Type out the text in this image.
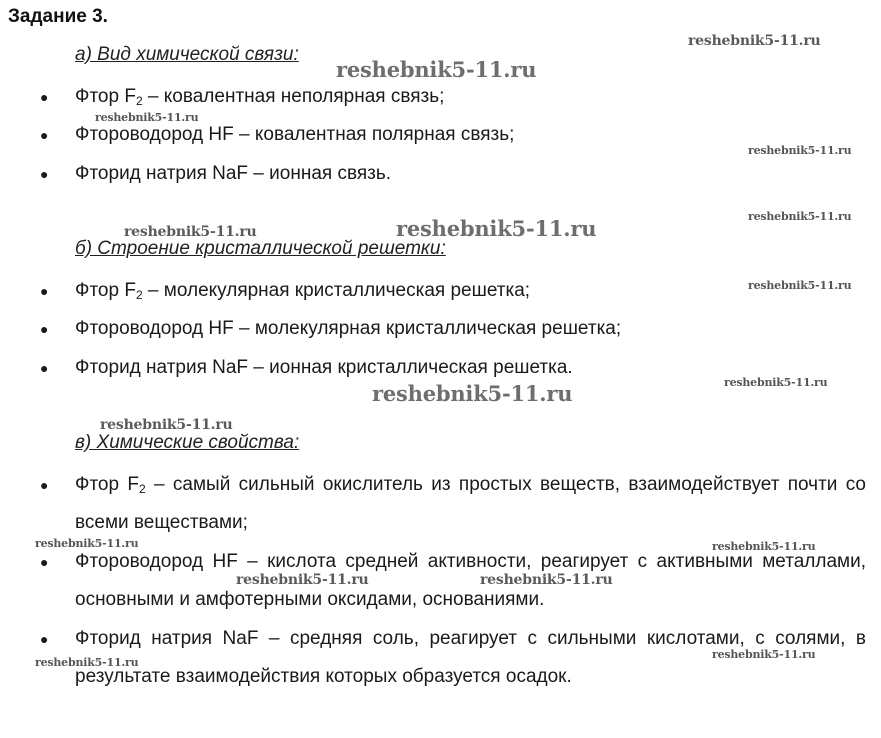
Задание 3.
а) Вид химической связи:
●	Фтор $F_2$ – ковалентная неполярная связь;
●	Фтороводород HF – ковалентная полярная связь;
●	Фторид натрия NaF – ионная связь.
б) Строение кристаллической решетки:
●	Фтор $F_2$ – молекулярная кристаллическая решетка;
●	Фтороводород HF – молекулярная кристаллическая решетка;
●	Фторид натрия NaF – ионная кристаллическая решетка.
в) Химические свойства:
●	Фтор $F_2$ – самый сильный окислитель из простых веществ, взаимодействует почти со всеми веществами;
●	Фтороводород HF – кислота средней активности, реагирует с активными металлами, основными и амфотерными оксидами, основаниями.
●	Фторид натрия NaF – средняя соль, реагирует с сильными кислотами, с солями, в результате взаимодействия которых образуется осадок.
reshebnik5-11.ru
reshebnik5-11.ru
reshebnik5-11.ru
reshebnik5-11.ru
reshebnik5-11.ru
reshebnik5-11.ru	reshebnik5-11.ru
reshebnik5-11.ru
reshebnik5-11.ru
reshebnik5-11.ru
reshebnik5-11.ru
reshebnik5-11.ru	reshebnik5-11.ru
reshebnik5-11.ru	reshebnik5-11.ru
reshebnik5-11.ru
reshebnik5-11.ru
